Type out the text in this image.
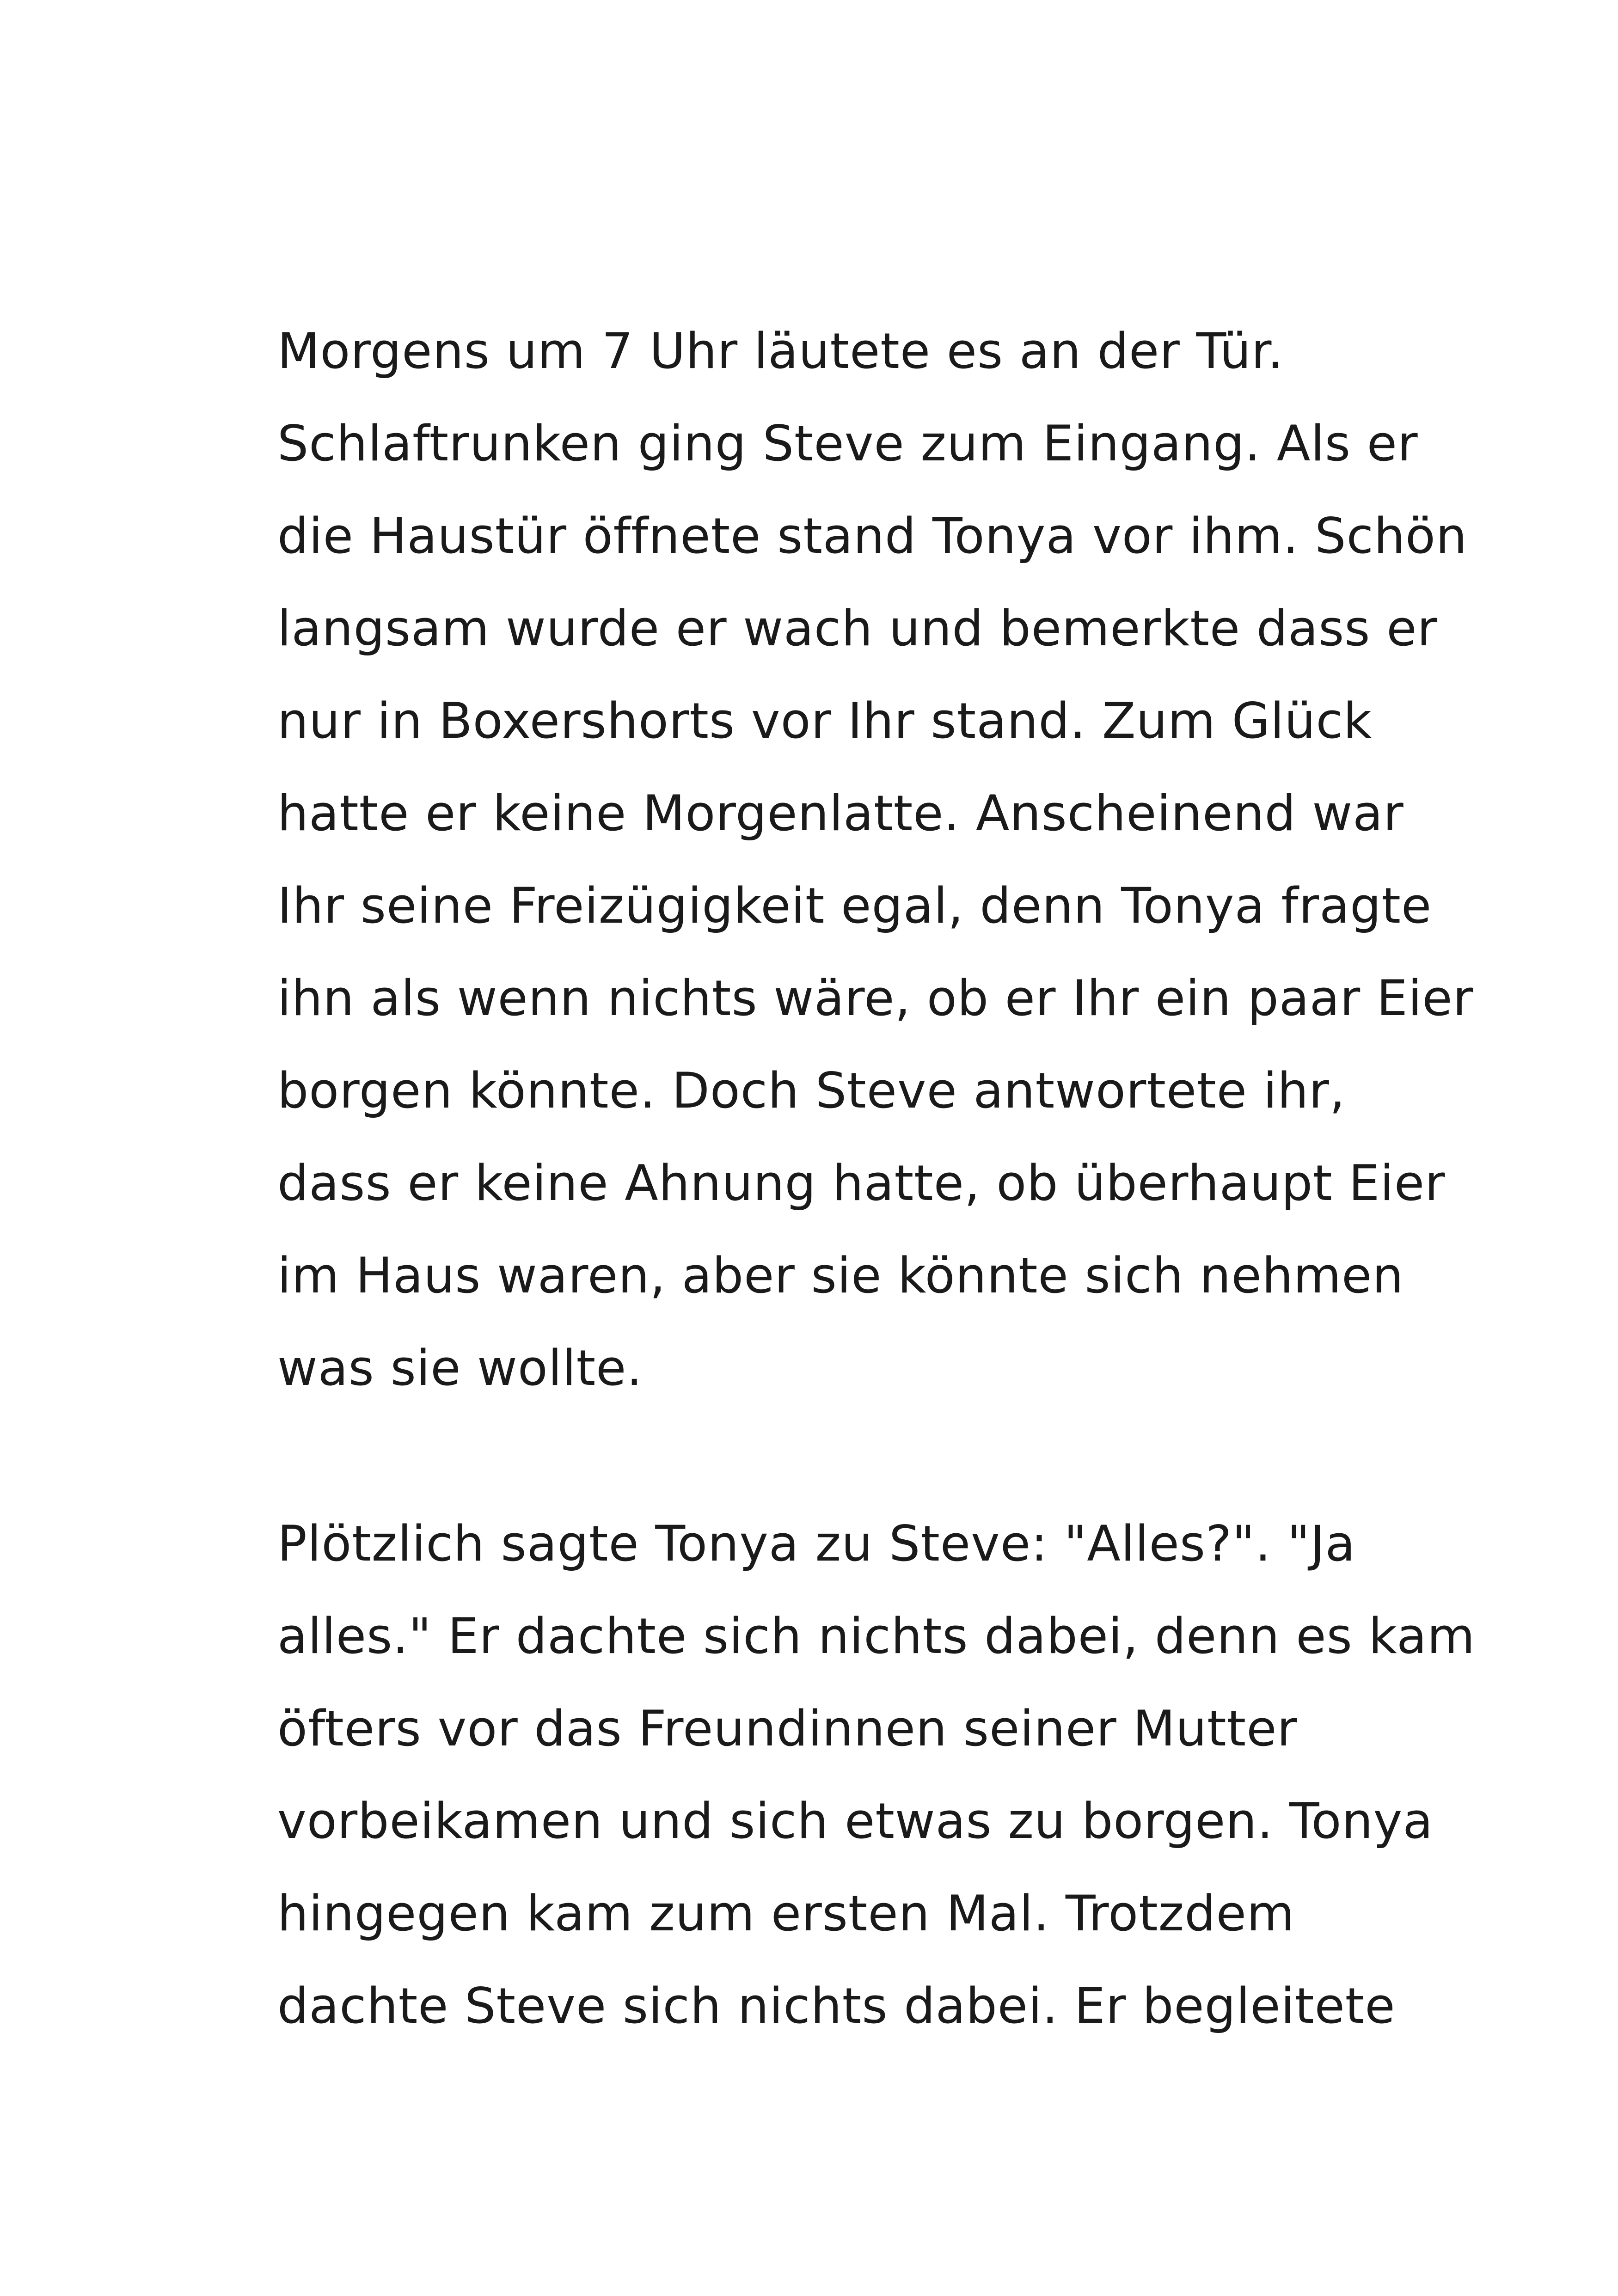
Morgens um 7 Uhr läutete es an der Tür.
Schlaftrunken ging Steve zum Eingang. Als er
die Haustür öffnete stand Tonya vor ihm. Schön
langsam wurde er wach und bemerkte dass er
nur in Boxershorts vor Ihr stand. Zum Glück
hatte er keine Morgenlatte. Anscheinend war
Ihr seine Freizügigkeit egal, denn Tonya fragte
ihn als wenn nichts wäre, ob er Ihr ein paar Eier
borgen könnte. Doch Steve antwortete ihr,
dass er keine Ahnung hatte, ob überhaupt Eier
im Haus waren, aber sie könnte sich nehmen
was sie wollte.
Plötzlich sagte Tonya zu Steve: "Alles?". "Ja
alles." Er dachte sich nichts dabei, denn es kam
öfters vor das Freundinnen seiner Mutter
vorbeikamen und sich etwas zu borgen. Tonya
hingegen kam zum ersten Mal. Trotzdem
dachte Steve sich nichts dabei. Er begleitete
